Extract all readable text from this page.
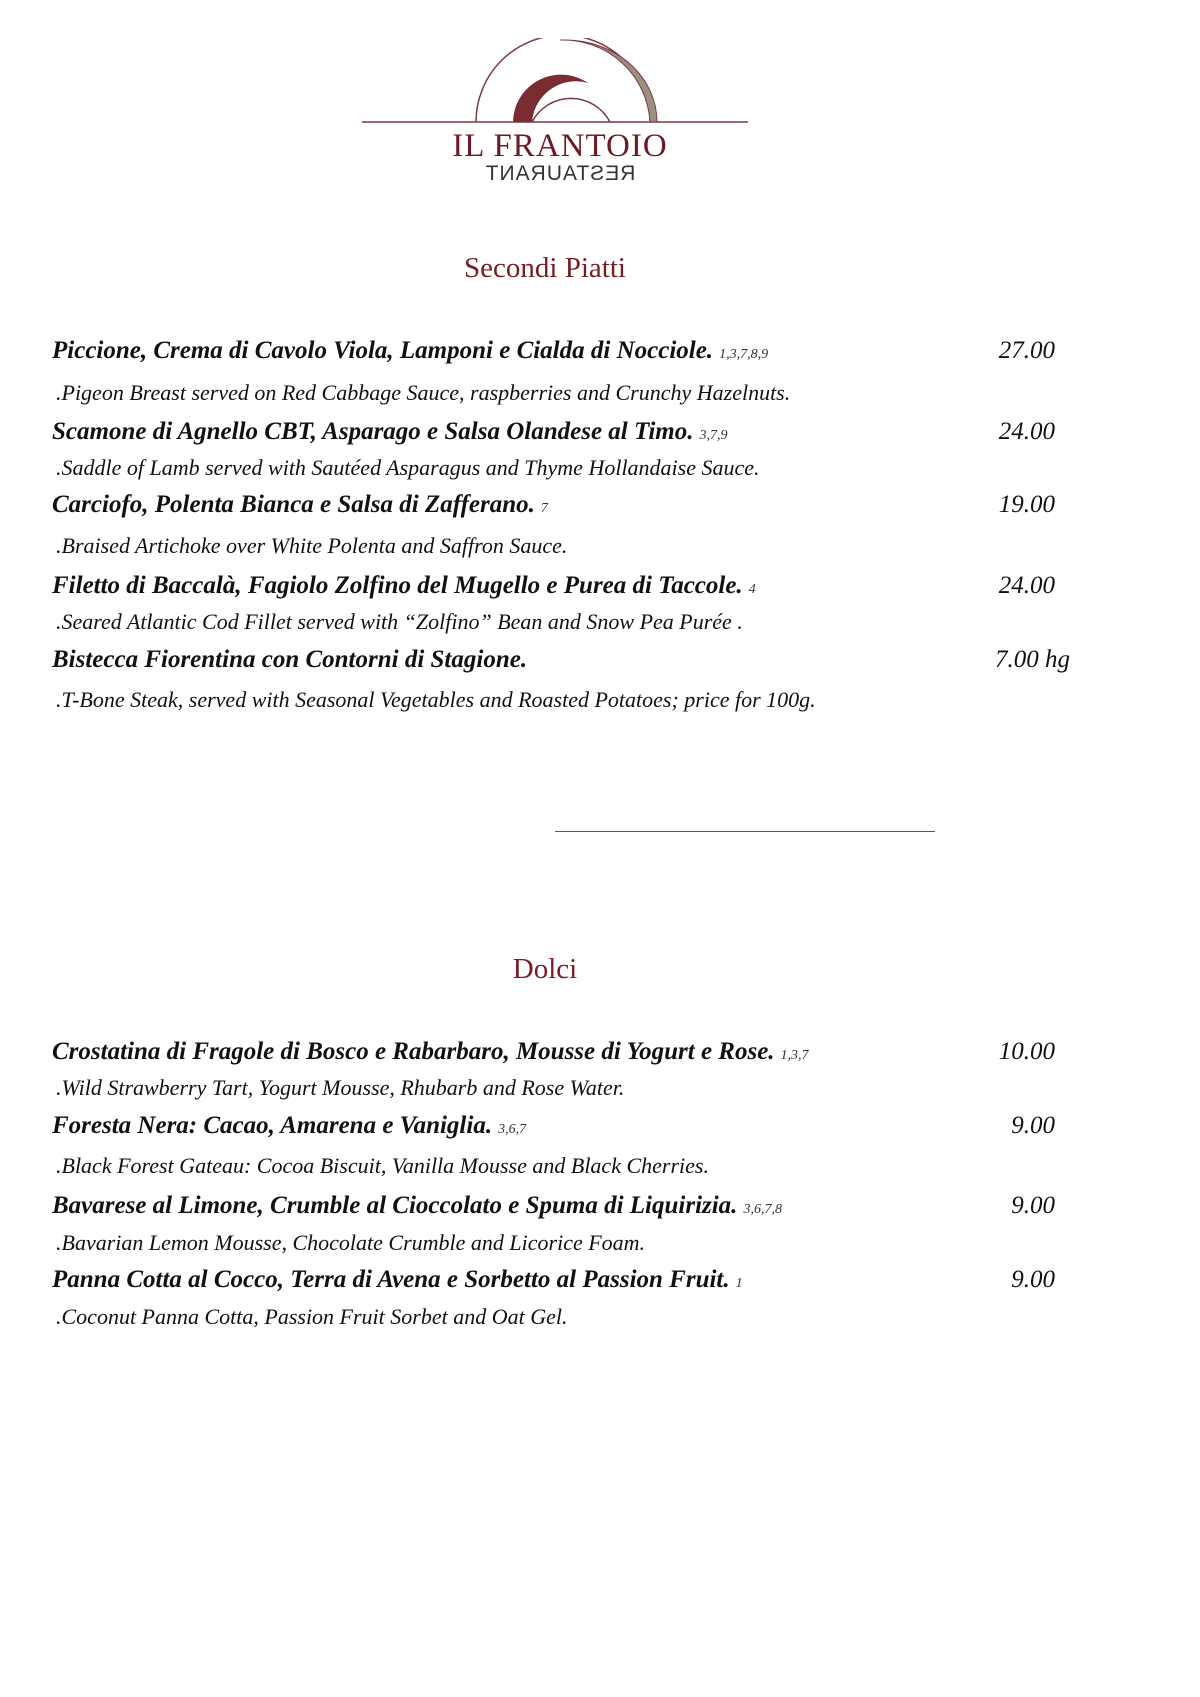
IL FRANTOIO
RESTAURANT
Secondi Piatti
Piccione, Crema di Cavolo Viola, Lamponi e Cialda di Nocciole. 1,3,7,8,9
.Pigeon Breast served on Red Cabbage Sauce, raspberries and Crunchy Hazelnuts.
27.00
Scamone di Agnello CBT, Asparago e Salsa Olandese al Timo. 3,7,9
.Saddle of Lamb served with Sautéed Asparagus and Thyme Hollandaise Sauce.
24.00
Carciofo, Polenta Bianca e Salsa di Zafferano. 7
.Braised Artichoke over White Polenta and Saffron Sauce.
19.00
Filetto di Baccalà, Fagiolo Zolfino del Mugello e Purea di Taccole. 4
.Seared Atlantic Cod Fillet served with “Zolfino” Bean and Snow Pea Purée .
24.00
Bistecca Fiorentina con Contorni di Stagione.
.T-Bone Steak, served with Seasonal Vegetables and Roasted Potatoes; price for 100g.
7.00 hg
Dolci
Crostatina di Fragole di Bosco e Rabarbaro, Mousse di Yogurt e Rose. 1,3,7
.Wild Strawberry Tart, Yogurt Mousse, Rhubarb and Rose Water.
10.00
Foresta Nera: Cacao, Amarena e Vaniglia. 3,6,7
.Black Forest Gateau: Cocoa Biscuit, Vanilla Mousse and Black Cherries.
9.00
Bavarese al Limone, Crumble al Cioccolato e Spuma di Liquirizia. 3,6,7,8
.Bavarian Lemon Mousse, Chocolate Crumble and Licorice Foam.
9.00
Panna Cotta al Cocco, Terra di Avena e Sorbetto al Passion Fruit. 1
.Coconut Panna Cotta, Passion Fruit Sorbet and Oat Gel.
9.00
